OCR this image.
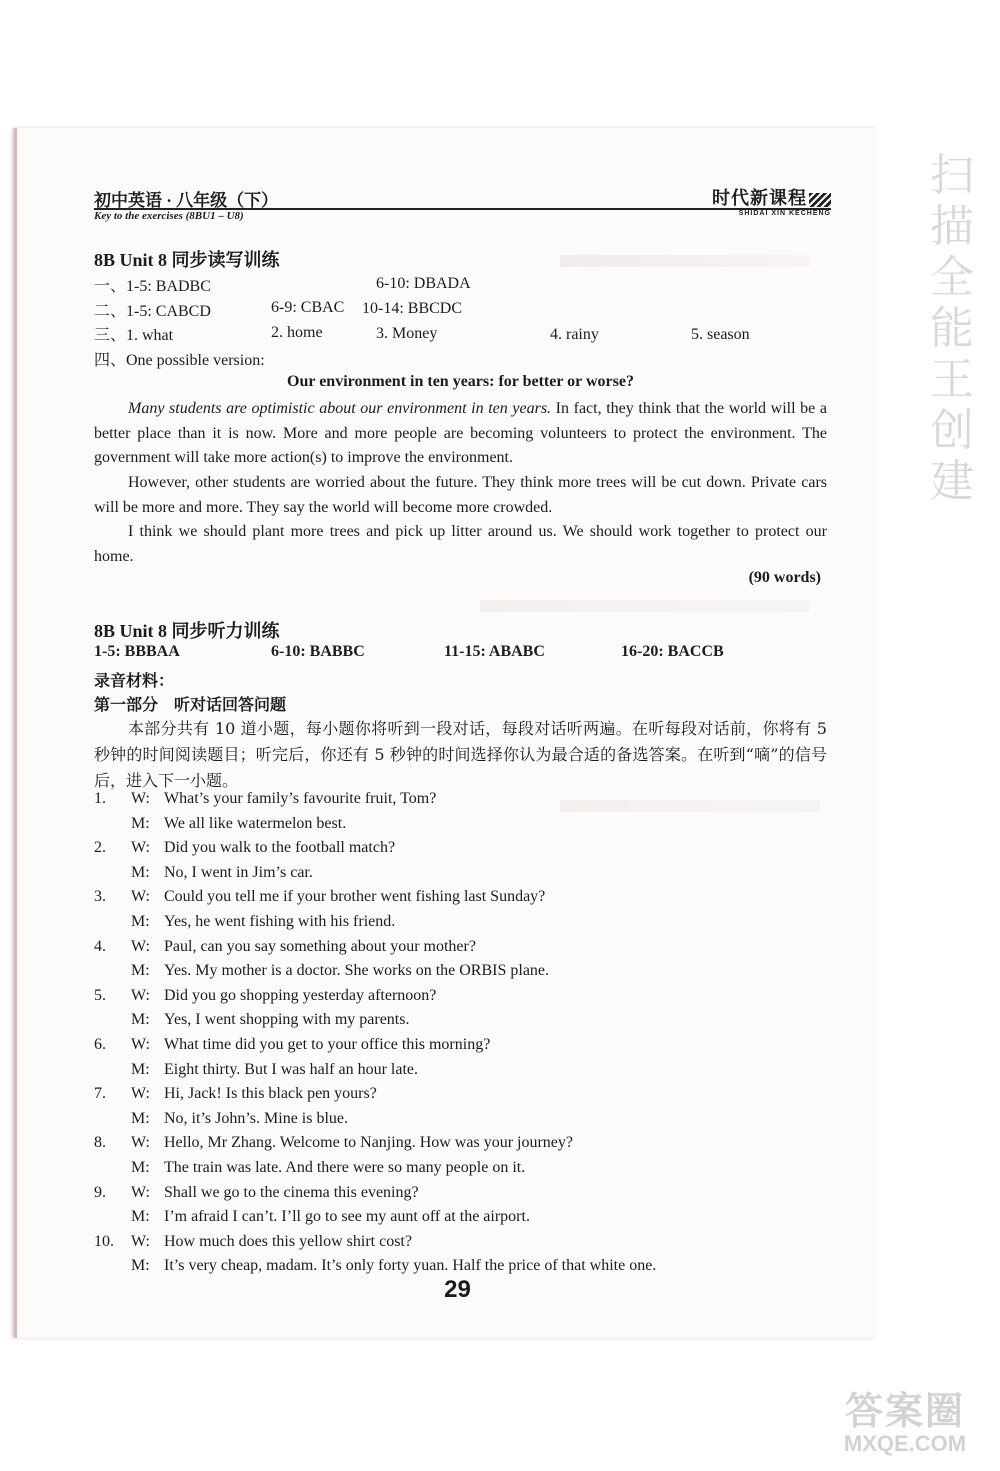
扫
描
全
能
王
创
建
初中英语 · 八年级（下）
Key to the exercises (8BU1 – U8)
时代新课程
SHIDAI XIN KECHENG
8B Unit 8 同步读写训练
一、1-5: BADBC	6-10: DBADA
二、1-5: CABCD	6-9: CBAC 10-14: BBCDC
三、1. what	2. home	3. Money	4. rainy	5. season
四、One possible version:
Our environment in ten years: for better or worse?
Many students are optimistic about our environment in ten years. In fact, they think that the world will be a better place than it is now. More and more people are becoming volunteers to protect the environment. The government will take more action(s) to improve the environment.
However, other students are worried about the future. They think more trees will be cut down. Private cars will be more and more. They say the world will become more crowded.
I think we should plant more trees and pick up litter around us. We should work together to protect our home.
(90 words)
8B Unit 8 同步听力训练
1-5: BBBAA	6-10: BABBC	11-15: ABABC	16-20: BACCB
录音材料：
第一部分　听对话回答问题
本部分共有 10 道小题，每小题你将听到一段对话，每段对话听两遍。在听每段对话前，你将有 5 秒钟的时间阅读题目；听完后，你还有 5 秒钟的时间选择你认为最合适的备选答案。在听到“嘀”的信号后，进入下一小题。
1. W: What’s your family’s favourite fruit, Tom?
M: We all like watermelon best.
2. W: Did you walk to the football match?
M: No, I went in Jim’s car.
3. W: Could you tell me if your brother went fishing last Sunday?
M: Yes, he went fishing with his friend.
4. W: Paul, can you say something about your mother?
M: Yes. My mother is a doctor. She works on the ORBIS plane.
5. W: Did you go shopping yesterday afternoon?
M: Yes, I went shopping with my parents.
6. W: What time did you get to your office this morning?
M: Eight thirty. But I was half an hour late.
7. W: Hi, Jack! Is this black pen yours?
M: No, it’s John’s. Mine is blue.
8. W: Hello, Mr Zhang. Welcome to Nanjing. How was your journey?
M: The train was late. And there were so many people on it.
9. W: Shall we go to the cinema this evening?
M: I’m afraid I can’t. I’ll go to see my aunt off at the airport.
10. W: How much does this yellow shirt cost?
M: It’s very cheap, madam. It’s only forty yuan. Half the price of that white one.
29
答案圈
MXQE.COM
